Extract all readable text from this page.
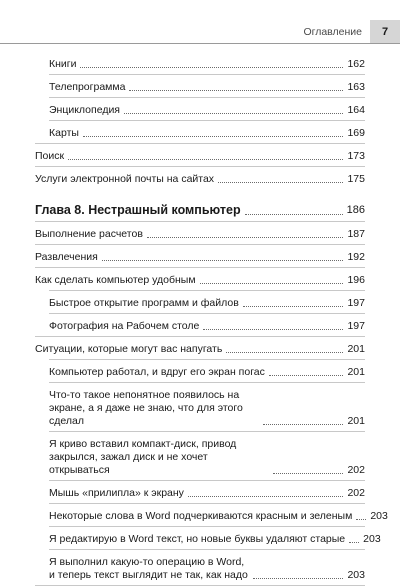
Оглавление	7
Книги	162
Телепрограмма	163
Энциклопедия	164
Карты	169
Поиск	173
Услуги электронной почты на сайтах	175
Глава 8. Нестрашный компьютер	186
Выполнение расчетов	187
Развлечения	192
Как сделать компьютер удобным	196
Быстрое открытие программ и файлов	197
Фотография на Рабочем столе	197
Ситуации, которые могут вас напугать	201
Компьютер работал, и вдруг его экран погас	201
Что-то такое непонятное появилось на экране, а я даже не знаю, что для этого сделал	201
Я криво вставил компакт-диск, привод закрылся, зажал диск и не хочет открываться	202
Мышь «прилипла» к экрану	202
Некоторые слова в Word подчеркиваются красным и зеленым 203
Я редактирую в Word текст, но новые буквы удаляют старые 203
Я выполнил какую-то операцию в Word, и теперь текст выглядит не так, как надо	203
